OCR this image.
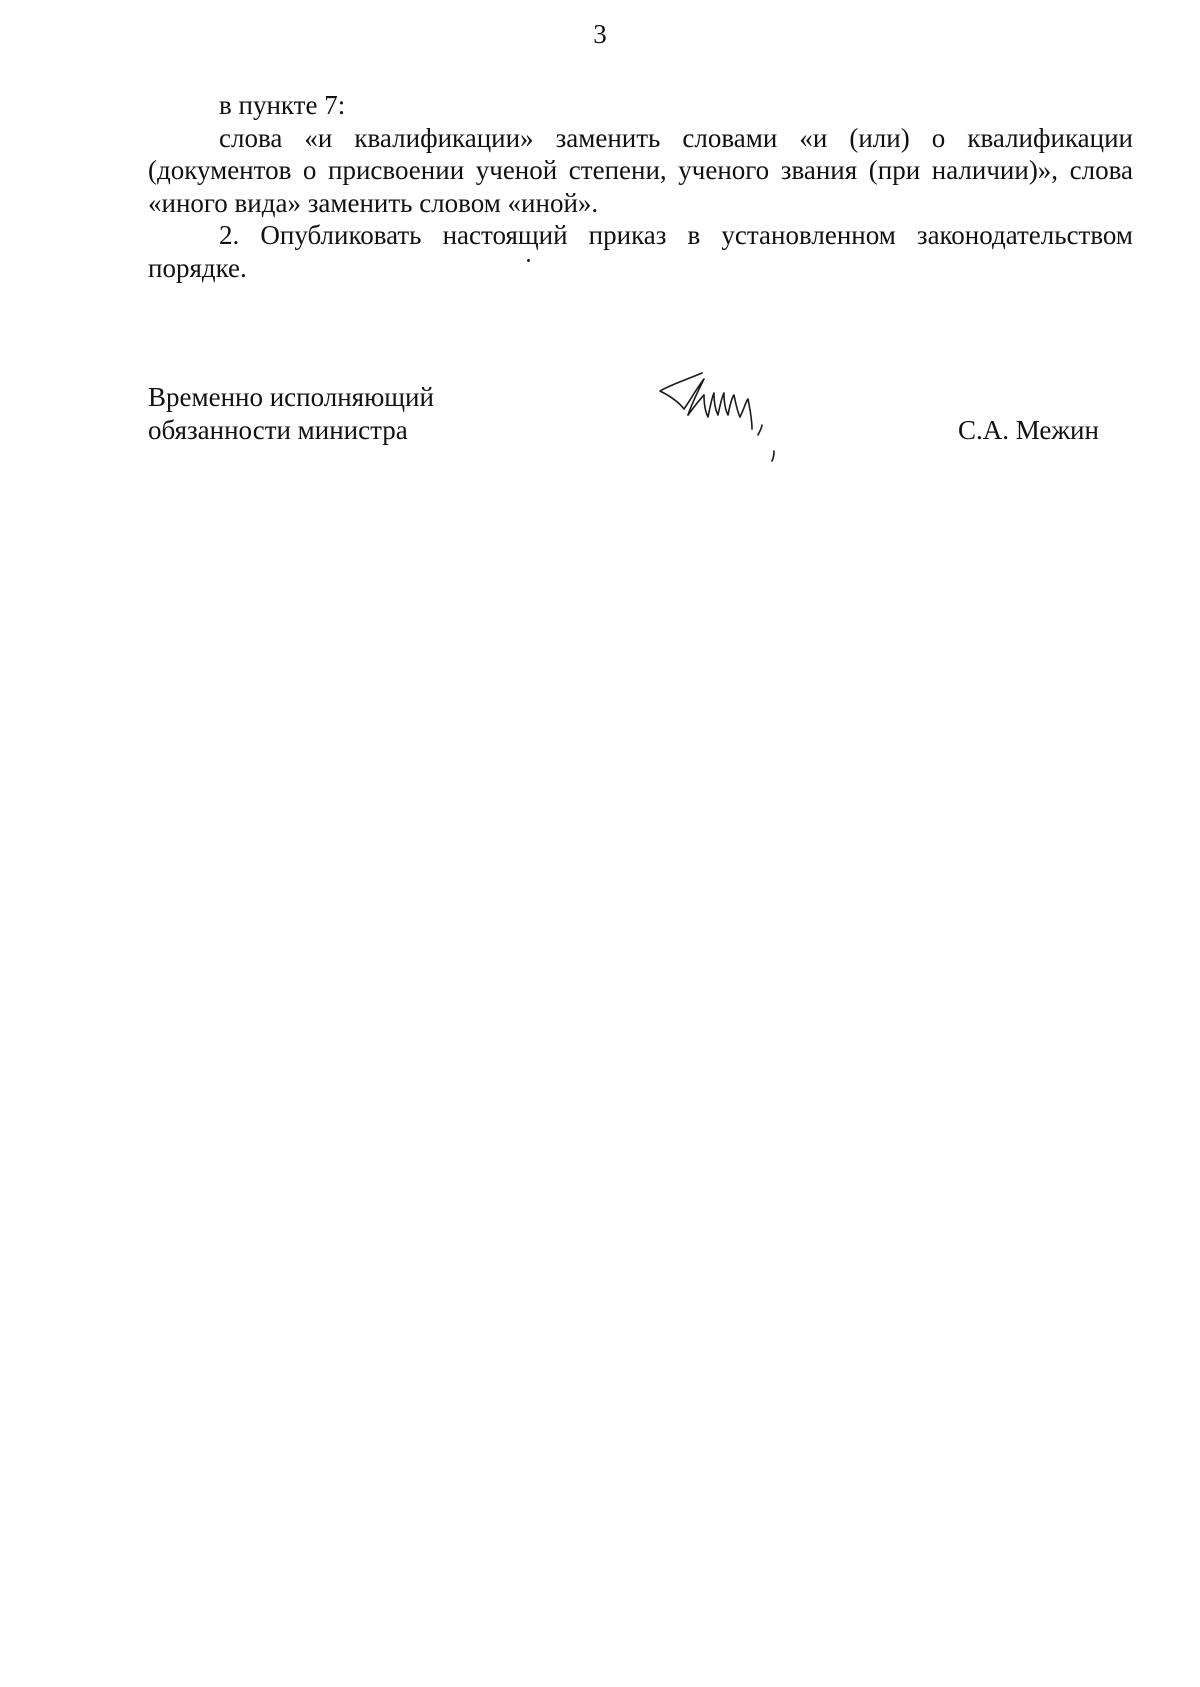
3

в пункте 7:

слова «и квалификации» заменить словами «и (или) о квалификации (документов о присвоении ученой степени, ученого звания (при наличии)», слова «иного вида» заменить словом «иной».

2. Опубликовать настоящий приказ в установленном законодательством порядке.

Временно исполняющий
обязанности министра	С.А. Межин
